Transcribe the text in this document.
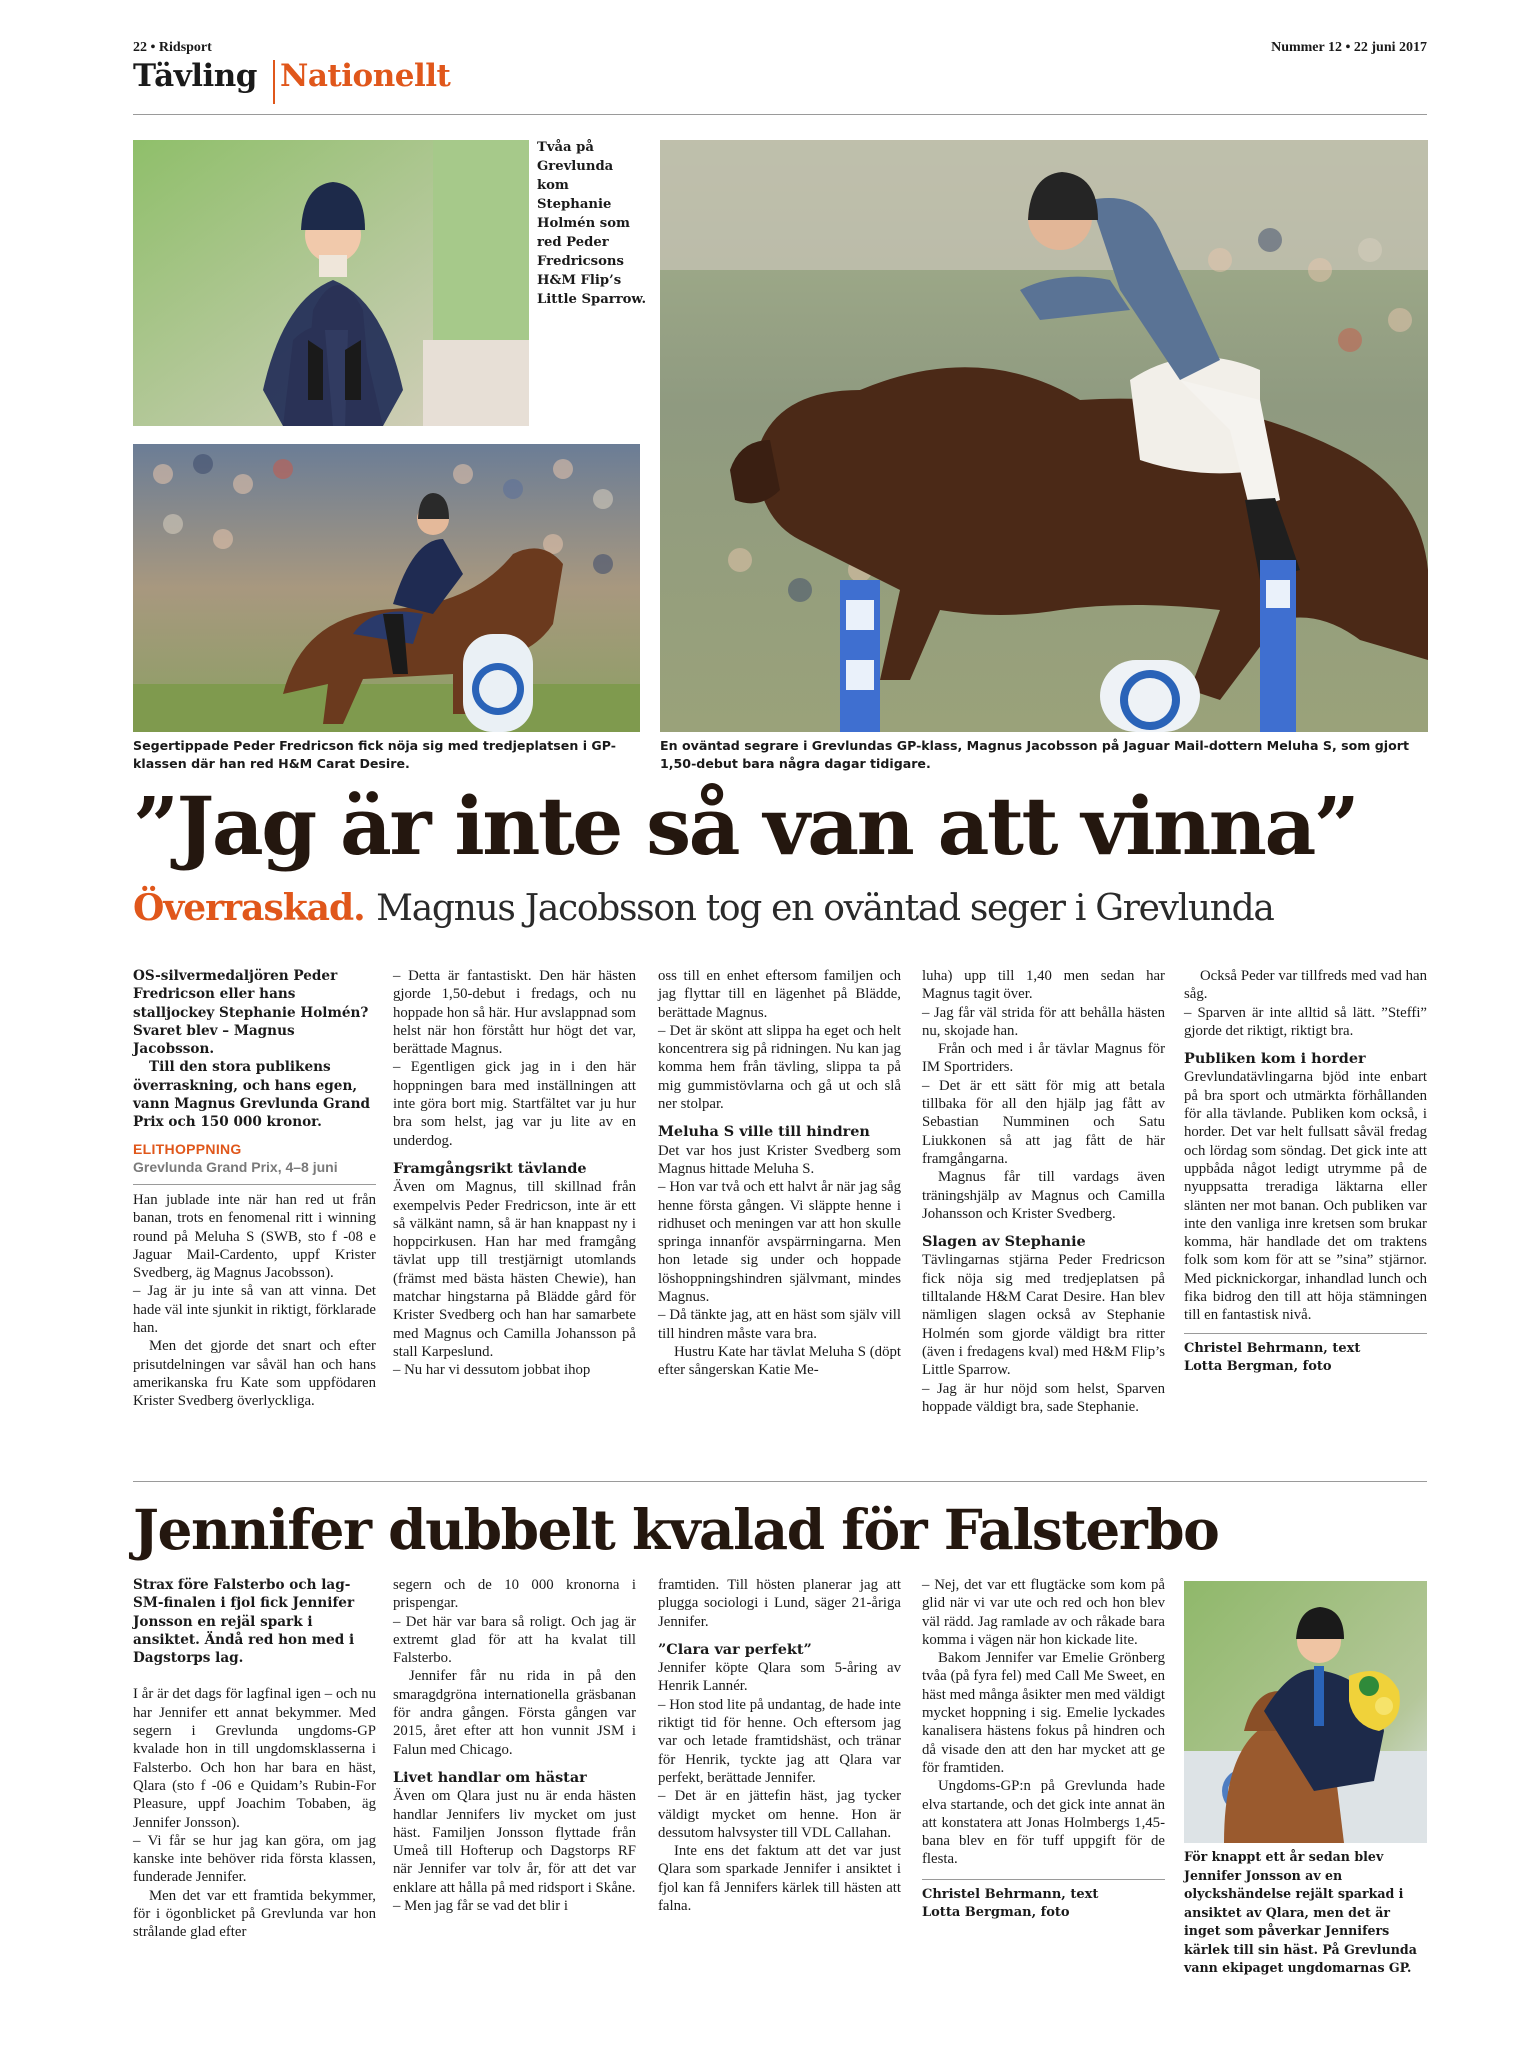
22 • Ridsport	Nummer 12 • 22 juni 2017
Tävling Nationellt
Tvåa på Grevlunda kom Stephanie Holmén som red Peder Fredricsons H&M Flip’s Little Sparrow.
Segertippade Peder Fredricson fick nöja sig med tredjeplatsen i GP-klassen där han red H&M Carat Desire.
En oväntad segrare i Grevlundas GP-klass, Magnus Jacobsson på Jaguar Mail-dottern Meluha S, som gjort 1,50-debut bara några dagar tidigare.
”Jag är inte så van att vinna”
Överraskad. Magnus Jacobsson tog en oväntad seger i Grevlunda

OS-silvermedaljören Peder Fredricson eller hans stalljockey Stephanie Holmén? Svaret blev – Magnus Jacobsson.

Till den stora publikens överraskning, och hans egen, vann Magnus Grevlunda Grand Prix och 150 000 kronor.

ELITHOPPNING
Grevlunda Grand Prix, 4–8 juni

Han jublade inte när han red ut från banan, trots en fenomenal ritt i winning round på Meluha S (SWB, sto f -08 e Jaguar Mail-Cardento, uppf Krister Svedberg, äg Magnus Jacobsson).

– Jag är ju inte så van att vinna. Det hade väl inte sjunkit in riktigt, förklarade han.

Men det gjorde det snart och efter prisutdelningen var såväl han och hans amerikanska fru Kate som uppfödaren Krister Svedberg överlyckliga.

– Detta är fantastiskt. Den här hästen gjorde 1,50-debut i fredags, och nu hoppade hon så här. Hur avslappnad som helst när hon förstått hur högt det var, berättade Magnus.

– Egentligen gick jag in i den här hoppningen bara med inställningen att inte göra bort mig. Startfältet var ju hur bra som helst, jag var ju lite av en underdog.

Framgångsrikt tävlande

Även om Magnus, till skillnad från exempelvis Peder Fredricson, inte är ett så välkänt namn, så är han knappast ny i hoppcirkusen. Han har med framgång tävlat upp till trestjärnigt utomlands (främst med bästa hästen Chewie), han matchar hingstarna på Blädde gård för Krister Svedberg och han har samarbete med Magnus och Camilla Johansson på stall Karpeslund.

– Nu har vi dessutom jobbat ihop

oss till en enhet eftersom familjen och jag flyttar till en lägenhet på Blädde, berättade Magnus.

– Det är skönt att slippa ha eget och helt koncentrera sig på ridningen. Nu kan jag komma hem från tävling, slippa ta på mig gummistövlarna och gå ut och slå ner stolpar.

Meluha S ville till hindren

Det var hos just Krister Svedberg som Magnus hittade Meluha S.

– Hon var två och ett halvt år när jag såg henne första gången. Vi släppte henne i ridhuset och meningen var att hon skulle springa innanför avspärrningarna. Men hon letade sig under och hoppade löshoppningshindren självmant, mindes Magnus.

– Då tänkte jag, att en häst som själv vill till hindren måste vara bra.

Hustru Kate har tävlat Meluha S (döpt efter sångerskan Katie Me-

luha) upp till 1,40 men sedan har Magnus tagit över.

– Jag får väl strida för att behålla hästen nu, skojade han.

Från och med i år tävlar Magnus för IM Sportriders.

– Det är ett sätt för mig att betala tillbaka för all den hjälp jag fått av Sebastian Numminen och Satu Liukkonen så att jag fått de här framgångarna.

Magnus får till vardags även träningshjälp av Magnus och Camilla Johansson och Krister Svedberg.

Slagen av Stephanie

Tävlingarnas stjärna Peder Fredricson fick nöja sig med tredjeplatsen på tilltalande H&M Carat Desire. Han blev nämligen slagen också av Stephanie Holmén som gjorde väldigt bra ritter (även i fredagens kval) med H&M Flip’s Little Sparrow.

– Jag är hur nöjd som helst, Sparven hoppade väldigt bra, sade Stephanie.

Också Peder var tillfreds med vad han såg.

– Sparven är inte alltid så lätt. ”Steffi” gjorde det riktigt, riktigt bra.

Publiken kom i horder

Grevlundatävlingarna bjöd inte enbart på bra sport och utmärkta förhållanden för alla tävlande. Publiken kom också, i horder. Det var helt fullsatt såväl fredag och lördag som söndag. Det gick inte att uppbåda något ledigt utrymme på de nyuppsatta treradiga läktarna eller slänten ner mot banan. Och publiken var inte den vanliga inre kretsen som brukar komma, här handlade det om traktens folk som kom för att se ”sina” stjärnor. Med picknickorgar, inhandlad lunch och fika bidrog den till att höja stämningen till en fantastisk nivå.

Christel Behrmann, text
Lotta Bergman, foto
Jennifer dubbelt kvalad för Falsterbo

Strax före Falsterbo och lag-SM-finalen i fjol fick Jennifer Jonsson en rejäl spark i ansiktet. Ändå red hon med i Dagstorps lag.

I år är det dags för lagfinal igen – och nu har Jennifer ett annat bekymmer. Med segern i Grevlunda ungdoms-GP kvalade hon in till ungdomsklasserna i Falsterbo. Och hon har bara en häst, Qlara (sto f -06 e Quidam’s Rubin-For Pleasure, uppf Joachim Tobaben, äg Jennifer Jonsson).

– Vi får se hur jag kan göra, om jag kanske inte behöver rida första klassen, funderade Jennifer.

Men det var ett framtida bekymmer, för i ögonblicket på Grevlunda var hon strålande glad efter

segern och de 10 000 kronorna i prispengar.

– Det här var bara så roligt. Och jag är extremt glad för att ha kvalat till Falsterbo.

Jennifer får nu rida in på den smaragdgröna internationella gräsbanan för andra gången. Första gången var 2015, året efter att hon vunnit JSM i Falun med Chicago.

Livet handlar om hästar

Även om Qlara just nu är enda hästen handlar Jennifers liv mycket om just häst. Familjen Jonsson flyttade från Umeå till Hofterup och Dagstorps RF när Jennifer var tolv år, för att det var enklare att hålla på med ridsport i Skåne.

– Men jag får se vad det blir i

framtiden. Till hösten planerar jag att plugga sociologi i Lund, säger 21-åriga Jennifer.

”Clara var perfekt”

Jennifer köpte Qlara som 5-åring av Henrik Lannér.

– Hon stod lite på undantag, de hade inte riktigt tid för henne. Och eftersom jag var och letade framtidshäst, och tränar för Henrik, tyckte jag att Qlara var perfekt, berättade Jennifer.

– Det är en jättefin häst, jag tycker väldigt mycket om henne. Hon är dessutom halvsyster till VDL Callahan.

Inte ens det faktum att det var just Qlara som sparkade Jennifer i ansiktet i fjol kan få Jennifers kärlek till hästen att falna.

– Nej, det var ett flugtäcke som kom på glid när vi var ute och red och hon blev väl rädd. Jag ramlade av och råkade bara komma i vägen när hon kickade lite.

Bakom Jennifer var Emelie Grönberg tvåa (på fyra fel) med Call Me Sweet, en häst med många åsikter men med väldigt mycket hoppning i sig. Emelie lyckades kanalisera hästens fokus på hindren och då visade den att den har mycket att ge för framtiden.

Ungdoms-GP:n på Grevlunda hade elva startande, och det gick inte annat än att konstatera att Jonas Holmbergs 1,45-bana blev en för tuff uppgift för de flesta.

Christel Behrmann, text
Lotta Bergman, foto
För knappt ett år sedan blev Jennifer Jonsson av en olyckshändelse rejält sparkad i ansiktet av Qlara, men det är inget som påverkar Jennifers kärlek till sin häst. På Grevlunda vann ekipaget ungdomarnas GP.
